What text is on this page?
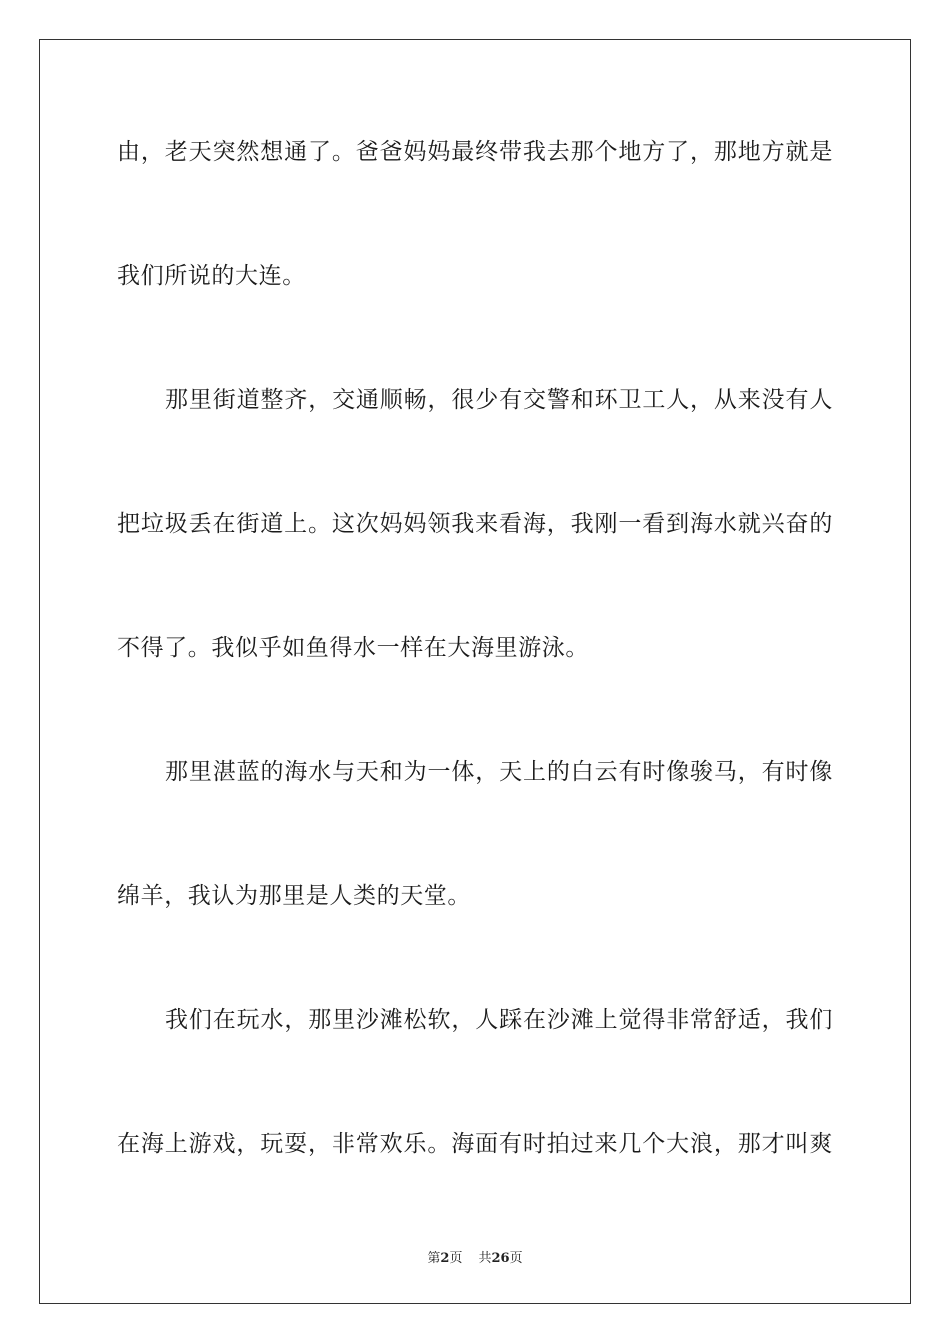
由，老天突然想通了。爸爸妈妈最终带我去那个地方了，那地方就是
我们所说的大连。
那里街道整齐，交通顺畅，很少有交警和环卫工人，从来没有人
把垃圾丢在街道上。这次妈妈领我来看海，我刚一看到海水就兴奋的
不得了。我似乎如鱼得水一样在大海里游泳。
那里湛蓝的海水与天和为一体，天上的白云有时像骏马，有时像
绵羊，我认为那里是人类的天堂。
我们在玩水，那里沙滩松软，人踩在沙滩上觉得非常舒适，我们
在海上游戏，玩耍，非常欢乐。海面有时拍过来几个大浪，那才叫爽
第2页 共26页
